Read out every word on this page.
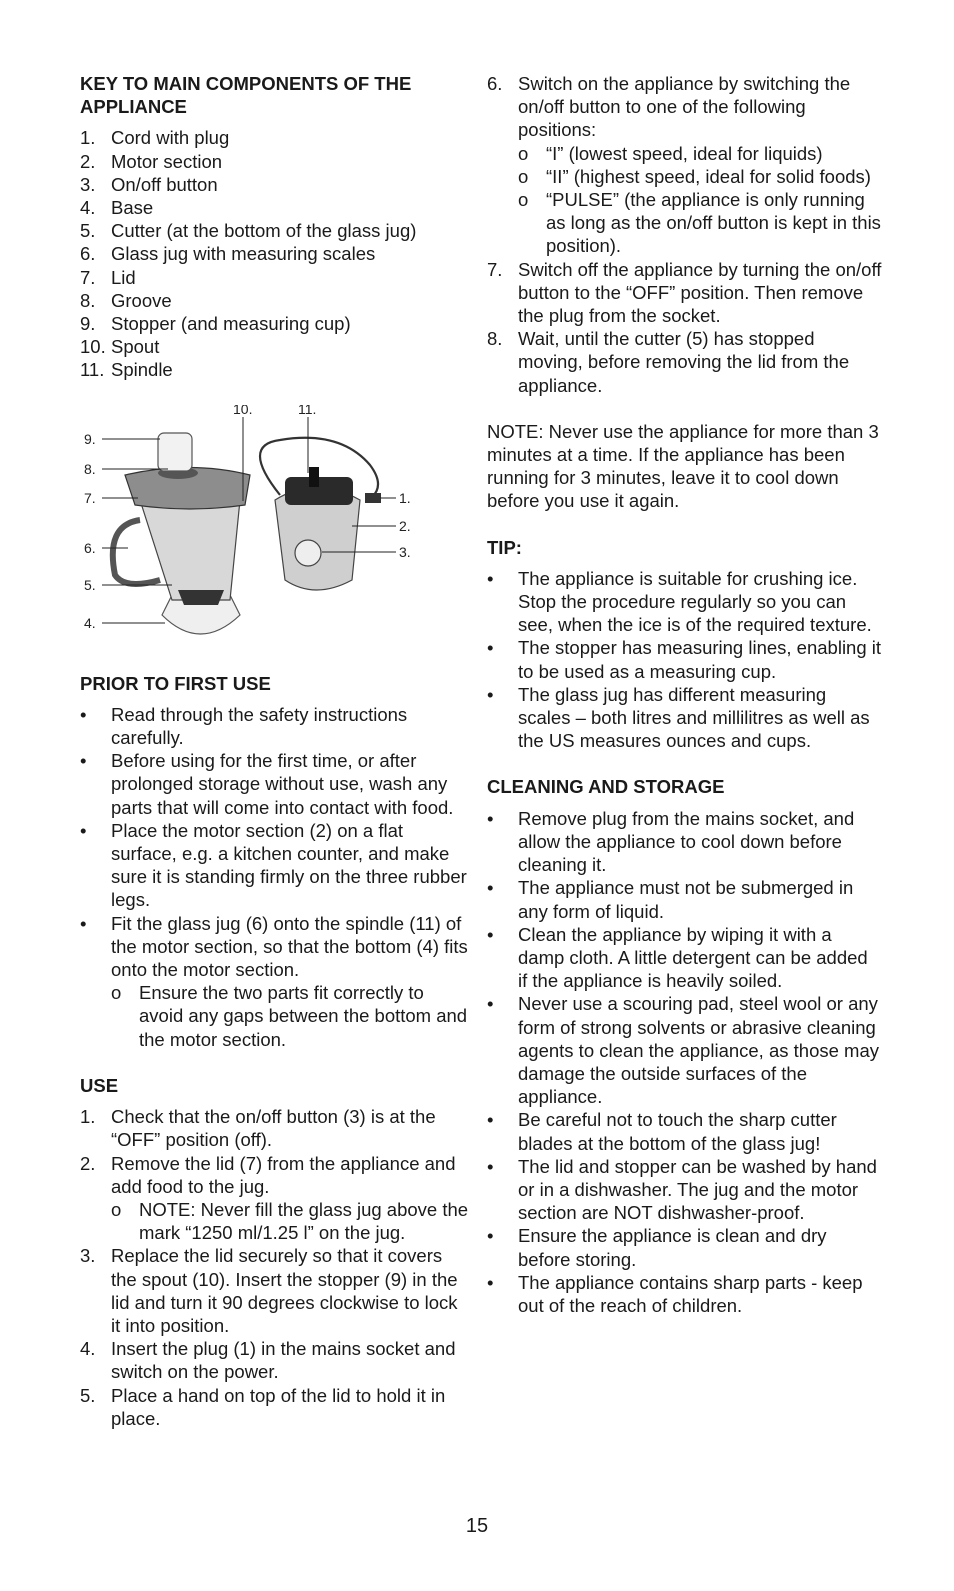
KEY TO MAIN COMPONENTS OF THE
APPLIANCE
1. Cord with plug
2. Motor section
3. On/off button
4. Base
5. Cutter (at the bottom of the glass jug)
6. Glass jug with measuring scales
7. Lid
8. Groove
9. Stopper (and measuring cup)
10. Spout
11. Spindle
9.
8.
7.
6.
5.
4.
10.	11.
1.
2.
3.
PRIOR TO FIRST USE
• Read through the safety instructions carefully.
• Before using for the first time, or after prolonged storage without use, wash any parts that will come into contact with food.
• Place the motor section (2) on a flat surface, e.g. a kitchen counter, and make sure it is standing firmly on the three rubber legs.
• Fit the glass jug (6) onto the spindle (11) of the motor section, so that the bottom (4) fits onto the motor section.
o Ensure the two parts fit correctly to avoid any gaps between the bottom and the motor section.
USE
1. Check that the on/off button (3) is at the “OFF” position (off).
2. Remove the lid (7) from the appliance and add food to the jug.
o NOTE: Never fill the glass jug above the mark “1250 ml/1.25 l” on the jug.
3. Replace the lid securely so that it covers the spout (10). Insert the stopper (9) in the lid and turn it 90 degrees clockwise to lock it into position.
4. Insert the plug (1) in the mains socket and switch on the power.
5. Place a hand on top of the lid to hold it in place.
6. Switch on the appliance by switching the on/off button to one of the following positions:
o “I” (lowest speed, ideal for liquids)
o “II” (highest speed, ideal for solid foods)
o “PULSE” (the appliance is only running as long as the on/off button is kept in this position).
7. Switch off the appliance by turning the on/off button to the “OFF” position. Then remove the plug from the socket.
8. Wait, until the cutter (5) has stopped moving, before removing the lid from the appliance.

NOTE: Never use the appliance for more than 3 minutes at a time. If the appliance has been running for 3 minutes, leave it to cool down before you use it again.

TIP:
• The appliance is suitable for crushing ice. Stop the procedure regularly so you can see, when the ice is of the required texture.
• The stopper has measuring lines, enabling it to be used as a measuring cup.
• The glass jug has different measuring scales – both litres and millilitres as well as the US measures ounces and cups.
CLEANING AND STORAGE
• Remove plug from the mains socket, and allow the appliance to cool down before cleaning it.
• The appliance must not be submerged in any form of liquid.
• Clean the appliance by wiping it with a damp cloth. A little detergent can be added if the appliance is heavily soiled.
• Never use a scouring pad, steel wool or any form of strong solvents or abrasive cleaning agents to clean the appliance, as those may damage the outside surfaces of the appliance.
• Be careful not to touch the sharp cutter blades at the bottom of the glass jug!
• The lid and stopper can be washed by hand or in a dishwasher. The jug and the motor section are NOT dishwasher-proof.
• Ensure the appliance is clean and dry before storing.
• The appliance contains sharp parts - keep out of the reach of children.
15
